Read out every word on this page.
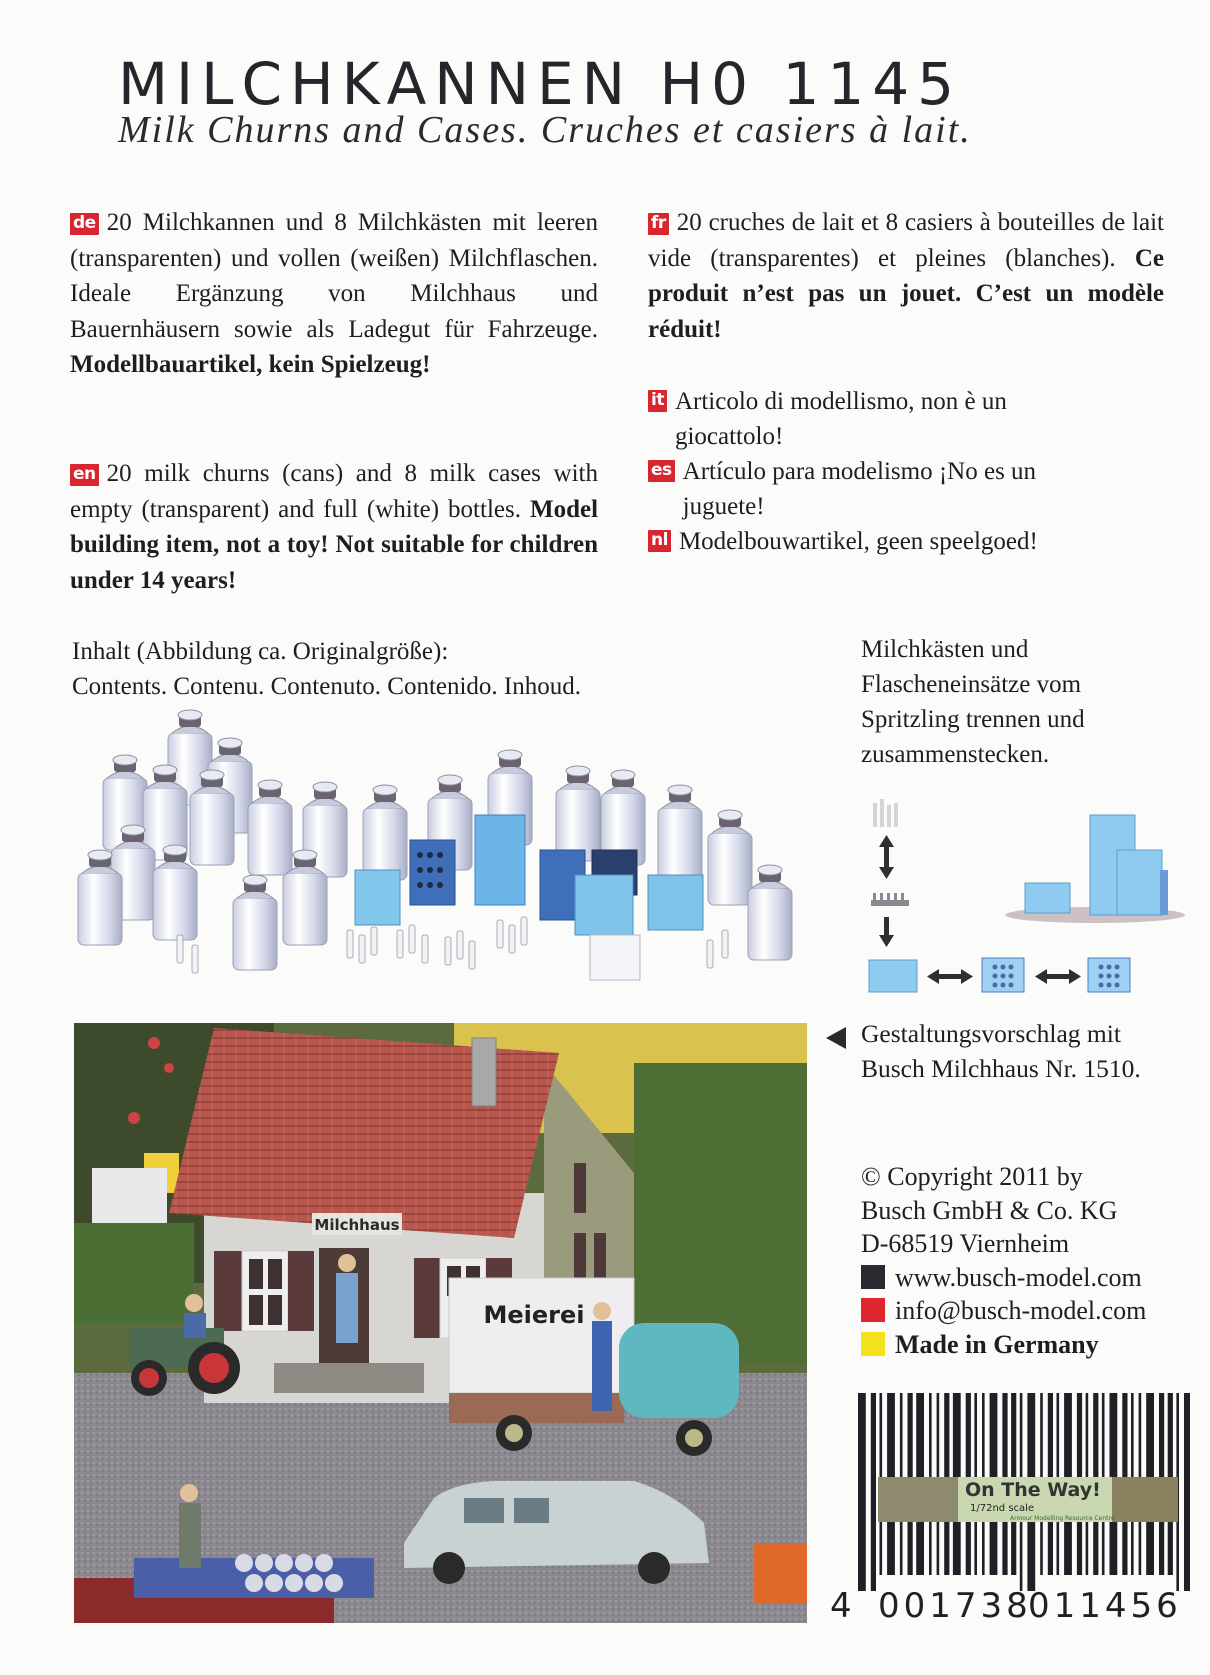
MILCHKANNEN H0 1145
Milk Churns and Cases. Cruches et casiers à lait.
de 20 Milchkannen und 8 Milchkästen mit leeren (transparenten) und vollen (weißen) Milchflaschen. Ideale Ergänzung von Milchhaus und Bauernhäusern sowie als Ladegut für Fahrzeuge. Modellbauartikel, kein Spielzeug!
en 20 milk churns (cans) and 8 milk cases with empty (transparent) and full (white) bottles. Model building item, not a toy! Not suitable for children under 14 years!
fr 20 cruches de lait et 8 casiers à bouteilles de lait vide (transparentes) et pleines (blanches). Ce produit n’est pas un jouet. C’est un modèle réduit!
it Articolo di modellismo, non è un giocattolo!
es Artículo para modelismo ¡No es un juguete!
nl Modelbouwartikel, geen speelgoed!
Inhalt (Abbildung ca. Originalgröße):
Contents. Contenu. Contenuto. Contenido. Inhoud.
Milchkästen und
Flascheneinsätze vom
Spritzling trennen und
zusammenstecken.
Milchhaus
Meierei
Gestaltungsvorschlag mit
Busch Milchhaus Nr. 1510.
© Copyright 2011 by
Busch GmbH & Co. KG
D-68519 Viernheim
www.busch-model.com
info@busch-model.com
Made in Germany
4 001738
011456
On The Way!
1/72nd scale
Armour Modelling Resource Centre
